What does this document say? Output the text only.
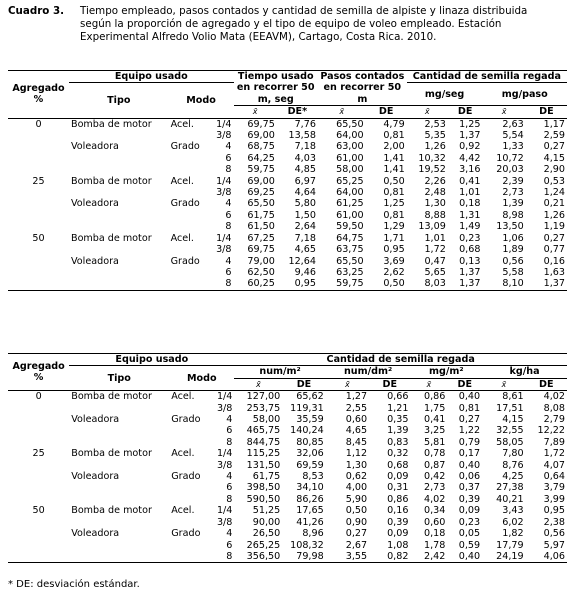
Cuadro 3. Tiempo empleado, pasos contados y cantidad de semilla de alpiste y linaza distribuida
según la proporción de agregado y el tipo de equipo de voleo empleado. Estación
Experimental Alfredo Volio Mata (EEAVM), Cartago, Costa Rica. 2010.
Agregado %	Equipo usado			Tiempo usado en recorrer 50 m, seg		Pasos contados en recorrer 50 m		Cantidad de semilla regada			
	Tipo	Modo						mg/seg		mg/paso	
				x̄	DE*	x̄	DE	x̄	DE	x̄	DE
0	Bomba de motor	Acel.	1/4	69,75	7,76	65,50	4,79	2,53	1,25	2,63	1,17
			3/8	69,00	13,58	64,00	0,81	5,35	1,37	5,54	2,59
	Voleadora	Grado	4	68,75	7,18	63,00	2,00	1,26	0,92	1,33	0,27
			6	64,25	4,03	61,00	1,41	10,32	4,42	10,72	4,15
			8	59,75	4,85	58,00	1,41	19,52	3,16	20,03	2,90
25	Bomba de motor	Acel.	1/4	69,00	6,97	65,25	0,50	2,26	0,41	2,39	0,53
			3/8	69,25	4,64	64,00	0,81	2,48	1,01	2,73	1,24
	Voleadora	Grado	4	65,50	5,80	61,25	1,25	1,30	0,18	1,39	0,21
			6	61,75	1,50	61,00	0,81	8,88	1,31	8,98	1,26
			8	61,50	2,64	59,50	1,29	13,09	1,49	13,50	1,19
50	Bomba de motor	Acel.	1/4	67,25	7,18	64,75	1,71	1,01	0,23	1,06	0,27
			3/8	69,75	4,65	63,75	0,95	1,72	0,68	1,89	0,77
	Voleadora	Grado	4	79,00	12,64	65,50	3,69	0,47	0,13	0,56	0,16
			6	62,50	9,46	63,25	2,62	5,65	1,37	5,58	1,63
			8	60,25	0,95	59,75	0,50	8,03	1,37	8,10	1,37
Agregado %	Equipo usado			Cantidad de semilla regada							
	Tipo	Modo		num/m²		num/dm²		mg/m²		kg/ha	
				x̄	DE	x̄	DE	x̄	DE	x̄	DE
0	Bomba de motor	Acel.	1/4	127,00	65,62	1,27	0,66	0,86	0,40	8,61	4,02
			3/8	253,75	119,31	2,55	1,21	1,75	0,81	17,51	8,08
	Voleadora	Grado	4	58,00	35,59	0,60	0,35	0,41	0,27	4,15	2,79
			6	465,75	140,24	4,65	1,39	3,25	1,22	32,55	12,22
			8	844,75	80,85	8,45	0,83	5,81	0,79	58,05	7,89
25	Bomba de motor	Acel.	1/4	115,25	32,06	1,12	0,32	0,78	0,17	7,80	1,72
			3/8	131,50	69,59	1,30	0,68	0,87	0,40	8,76	4,07
	Voleadora	Grado	4	61,75	8,53	0,62	0,09	0,42	0,06	4,25	0,64
			6	398,50	34,10	4,00	0,31	2,73	0,37	27,38	3,79
			8	590,50	86,26	5,90	0,86	4,02	0,39	40,21	3,99
50	Bomba de motor	Acel.	1/4	51,25	17,65	0,50	0,16	0,34	0,09	3,43	0,95
			3/8	90,00	41,26	0,90	0,39	0,60	0,23	6,02	2,38
	Voleadora	Grado	4	26,50	8,96	0,27	0,09	0,18	0,05	1,82	0,56
			6	265,25	108,32	2,67	1,08	1,78	0,59	17,79	5,97
			8	356,50	79,98	3,55	0,82	2,42	0,40	24,19	4,06
* DE: desviación estándar.
